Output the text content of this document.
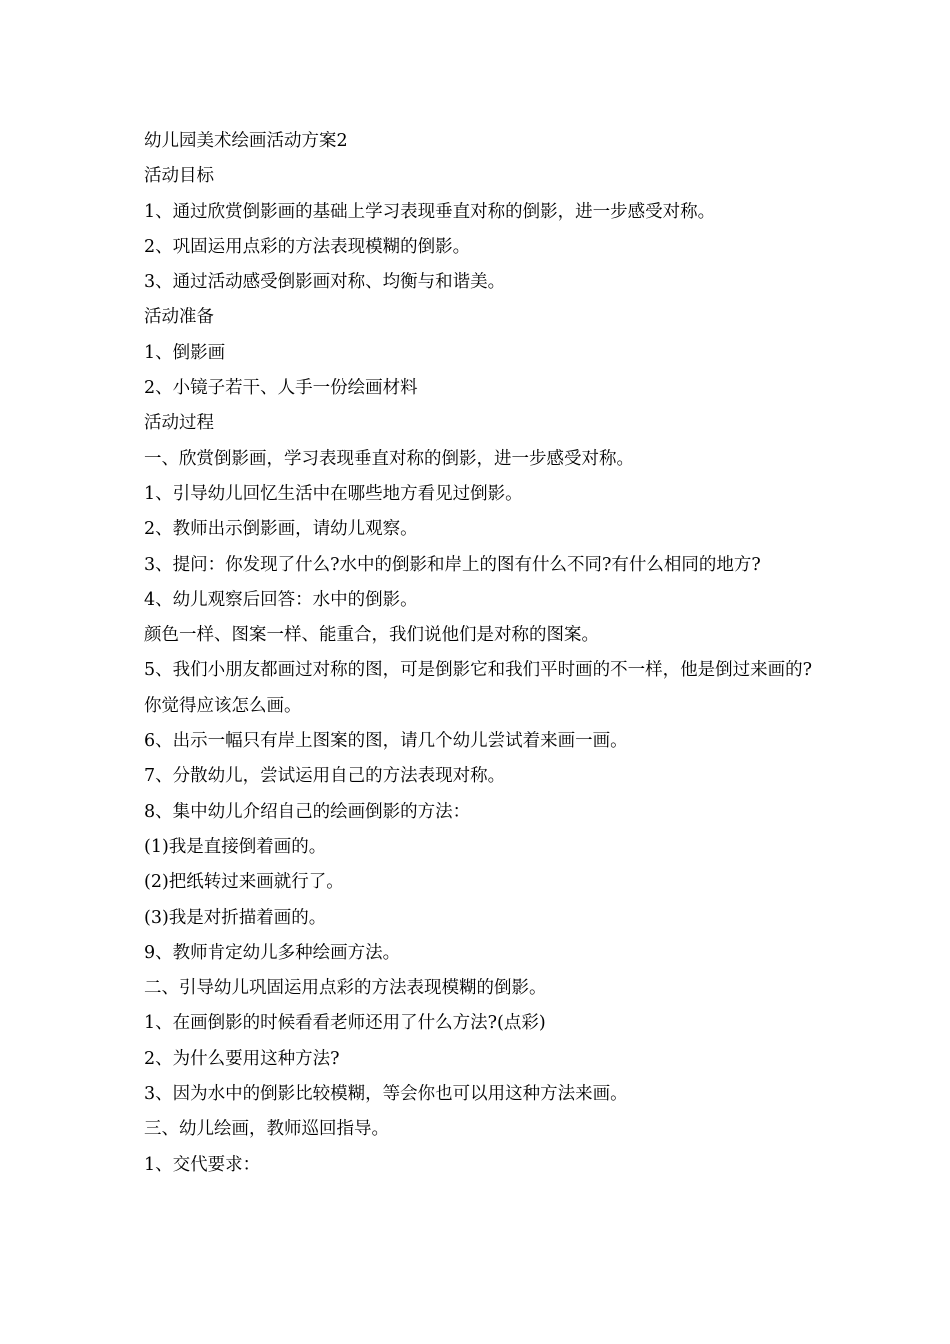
幼儿园美术绘画活动方案2

活动目标

1、通过欣赏倒影画的基础上学习表现垂直对称的倒影，进一步感受对称。

2、巩固运用点彩的方法表现模糊的倒影。

3、通过活动感受倒影画对称、均衡与和谐美。

活动准备

1、倒影画

2、小镜子若干、人手一份绘画材料

活动过程

一、欣赏倒影画，学习表现垂直对称的倒影，进一步感受对称。

1、引导幼儿回忆生活中在哪些地方看见过倒影。

2、教师出示倒影画，请幼儿观察。

3、提问：你发现了什么?水中的倒影和岸上的图有什么不同?有什么相同的地方?

4、幼儿观察后回答：水中的倒影。

颜色一样、图案一样、能重合，我们说他们是对称的图案。

5、我们小朋友都画过对称的图，可是倒影它和我们平时画的不一样，他是倒过来画的?

你觉得应该怎么画。

6、出示一幅只有岸上图案的图，请几个幼儿尝试着来画一画。

7、分散幼儿，尝试运用自己的方法表现对称。

8、集中幼儿介绍自己的绘画倒影的方法：

(1)我是直接倒着画的。

(2)把纸转过来画就行了。

(3)我是对折描着画的。

9、教师肯定幼儿多种绘画方法。

二、引导幼儿巩固运用点彩的方法表现模糊的倒影。

1、在画倒影的时候看看老师还用了什么方法?(点彩)

2、为什么要用这种方法?

3、因为水中的倒影比较模糊，等会你也可以用这种方法来画。

三、幼儿绘画，教师巡回指导。

1、交代要求：
